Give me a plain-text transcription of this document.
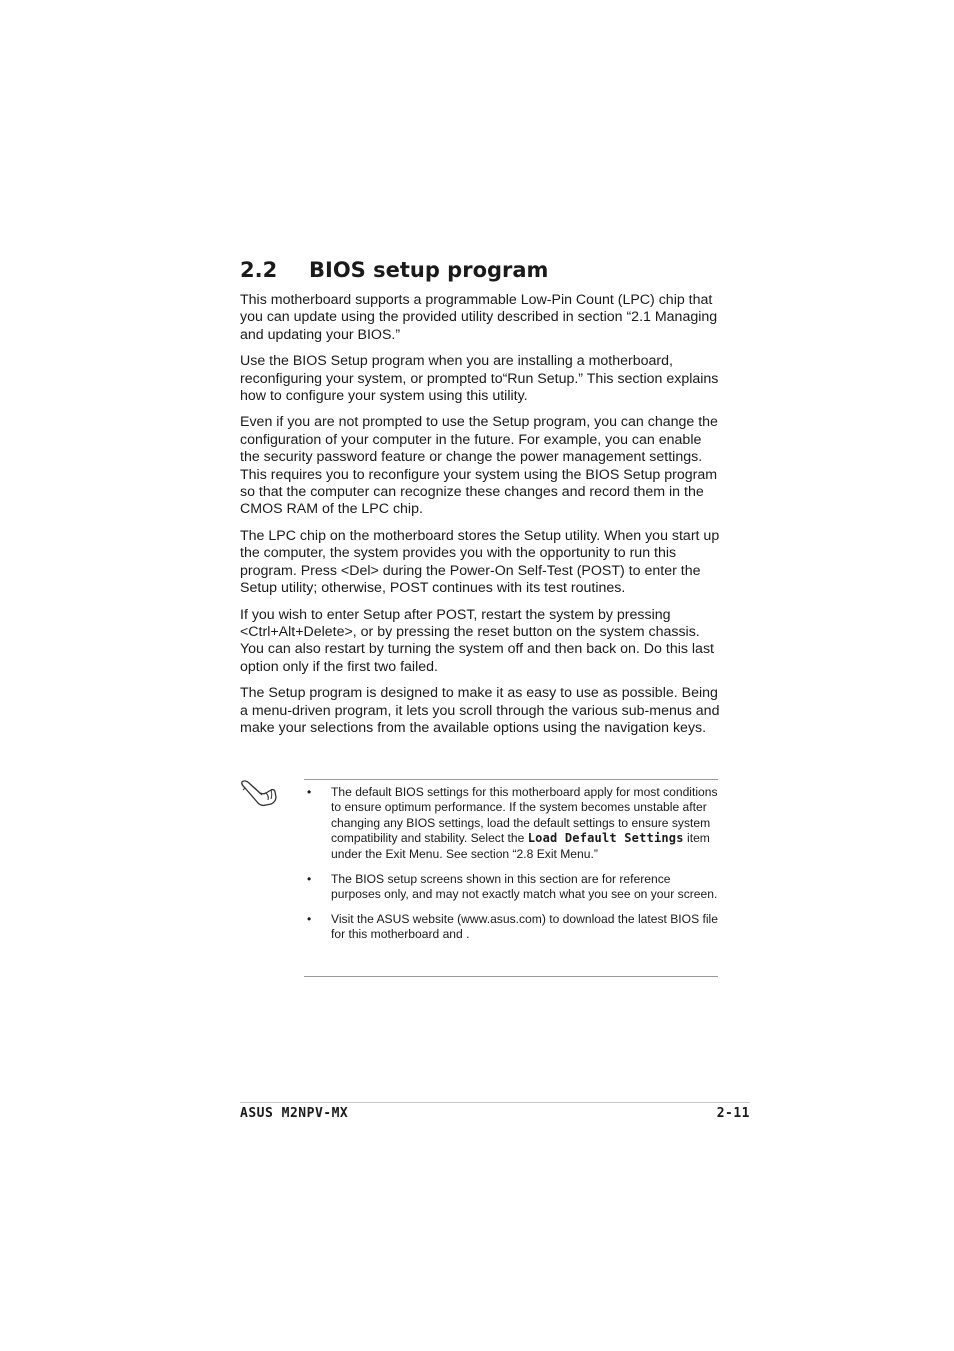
2.2 BIOS setup program

This motherboard supports a programmable Low-Pin Count (LPC) chip that you can update using the provided utility described in section “2.1 Managing and updating your BIOS.”

Use the BIOS Setup program when you are installing a motherboard, reconfiguring your system, or prompted to“Run Setup.” This section explains how to configure your system using this utility.

Even if you are not prompted to use the Setup program, you can change the configuration of your computer in the future. For example, you can enable the security password feature or change the power management settings. This requires you to reconfigure your system using the BIOS Setup program so that the computer can recognize these changes and record them in the CMOS RAM of the LPC chip.

The LPC chip on the motherboard stores the Setup utility. When you start up the computer, the system provides you with the opportunity to run this program. Press <Del> during the Power-On Self-Test (POST) to enter the Setup utility; otherwise, POST continues with its test routines.

If you wish to enter Setup after POST, restart the system by pressing <Ctrl+Alt+Delete>, or by pressing the reset button on the system chassis. You can also restart by turning the system off and then back on. Do this last option only if the first two failed.

The Setup program is designed to make it as easy to use as possible. Being a menu-driven program, it lets you scroll through the various sub-menus and make your selections from the available options using the navigation keys.

• The default BIOS settings for this motherboard apply for most conditions to ensure optimum performance. If the system becomes unstable after changing any BIOS settings, load the default settings to ensure system compatibility and stability. Select the Load Default Settings item under the Exit Menu. See section “2.8 Exit Menu.”
• The BIOS setup screens shown in this section are for reference purposes only, and may not exactly match what you see on your screen.
• Visit the ASUS website (www.asus.com) to download the latest BIOS file for this motherboard and .
ASUS M2NPV-MX	2-11
